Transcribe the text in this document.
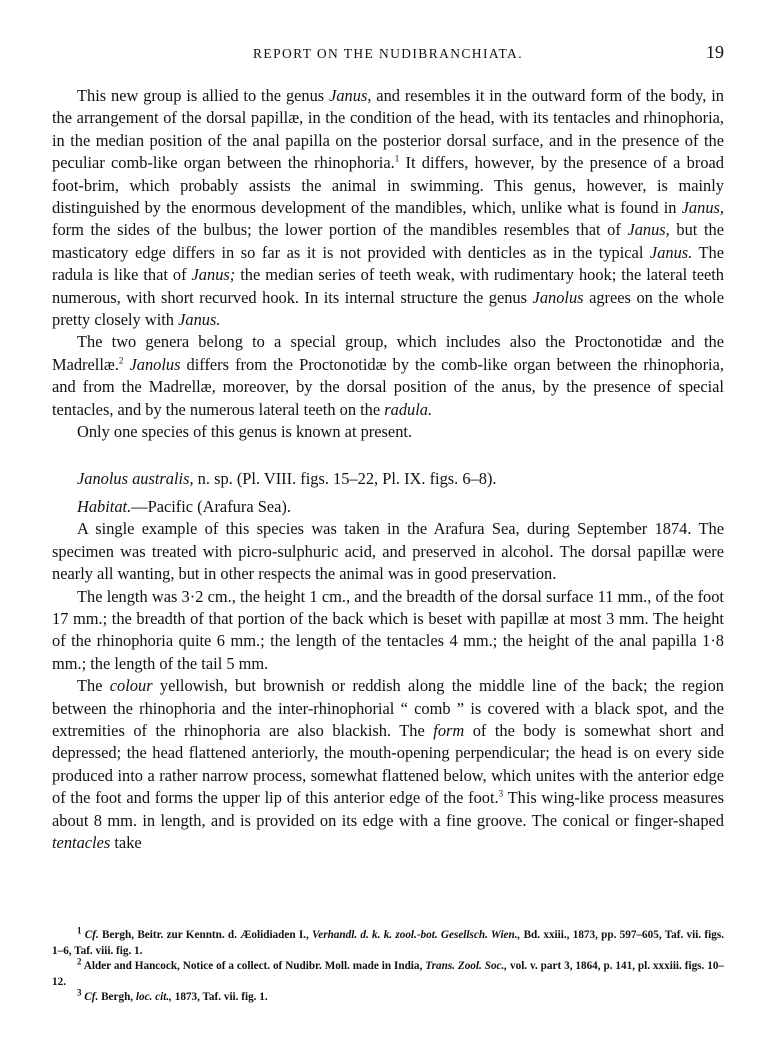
REPORT ON THE NUDIBRANCHIATA.	19

This new group is allied to the genus Janus, and resembles it in the outward form of the body, in the arrangement of the dorsal papillæ, in the condition of the head, with its tentacles and rhinophoria, in the median position of the anal papilla on the posterior dorsal surface, and in the presence of the peculiar comb-like organ between the rhinophoria.$^1$ It differs, however, by the presence of a broad foot-brim, which probably assists the animal in swimming. This genus, however, is mainly distinguished by the enormous development of the mandibles, which, unlike what is found in Janus, form the sides of the bulbus; the lower portion of the mandibles resembles that of Janus, but the masticatory edge differs in so far as it is not provided with denticles as in the typical Janus. The radula is like that of Janus; the median series of teeth weak, with rudimentary hook; the lateral teeth numerous, with short recurved hook. In its internal structure the genus Janolus agrees on the whole pretty closely with Janus.

The two genera belong to a special group, which includes also the Proctonotidæ and the Madrellæ.$^2$ Janolus differs from the Proctonotidæ by the comb-like organ between the rhinophoria, and from the Madrellæ, moreover, by the dorsal position of the anus, by the presence of special tentacles, and by the numerous lateral teeth on the radula.

Only one species of this genus is known at present.

Janolus australis, n. sp. (Pl. VIII. figs. 15–22, Pl. IX. figs. 6–8).

Habitat.—Pacific (Arafura Sea).

A single example of this species was taken in the Arafura Sea, during September 1874. The specimen was treated with picro-sulphuric acid, and preserved in alcohol. The dorsal papillæ were nearly all wanting, but in other respects the animal was in good preservation.

The length was 3·2 cm., the height 1 cm., and the breadth of the dorsal surface 11 mm., of the foot 17 mm.; the breadth of that portion of the back which is beset with papillæ at most 3 mm. The height of the rhinophoria quite 6 mm.; the length of the tentacles 4 mm.; the height of the anal papilla 1·8 mm.; the length of the tail 5 mm.

The colour yellowish, but brownish or reddish along the middle line of the back; the region between the rhinophoria and the inter-rhinophorial “ comb ” is covered with a black spot, and the extremities of the rhinophoria are also blackish. The form of the body is somewhat short and depressed; the head flattened anteriorly, the mouth-opening perpendicular; the head is on every side produced into a rather narrow process, somewhat flattened below, which unites with the anterior edge of the foot and forms the upper lip of this anterior edge of the foot.$^3$ This wing-like process measures about 8 mm. in length, and is provided on its edge with a fine groove. The conical or finger-shaped tentacles take

$^1$ Cf. Bergh, Beitr. zur Kenntn. d. Æolidiaden I., Verhandl. d. k. k. zool.-bot. Gesellsch. Wien., Bd. xxiii., 1873, pp. 597–605, Taf. vii. figs. 1–6, Taf. viii. fig. 1.

$^2$ Alder and Hancock, Notice of a collect. of Nudibr. Moll. made in India, Trans. Zool. Soc., vol. v. part 3, 1864, p. 141, pl. xxxiii. figs. 10–12.

$^3$ Cf. Bergh, loc. cit., 1873, Taf. vii. fig. 1.
